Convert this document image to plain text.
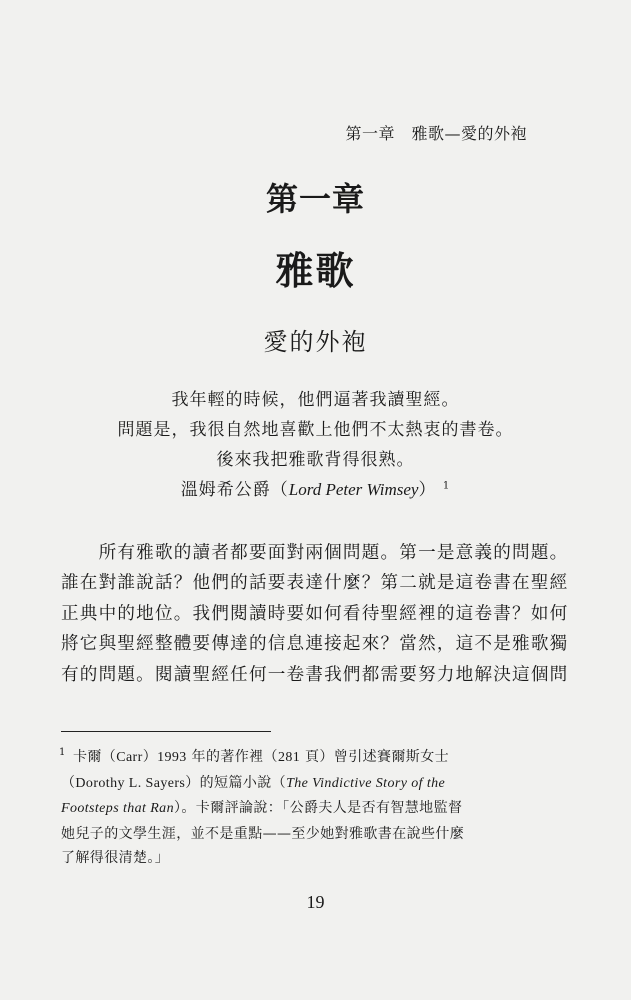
第一章　雅歌—愛的外袍
第一章
雅歌
愛的外袍
我年輕的時候，他們逼著我讀聖經。
問題是，我很自然地喜歡上他們不太熱衷的書卷。
後來我把雅歌背得很熟。
溫姆希公爵（Lord Peter Wimsey） $^1$
　　所有雅歌的讀者都要面對兩個問題。第一是意義的問題。
誰在對誰說話？他們的話要表達什麼？第二就是這卷書在聖經
正典中的地位。我們閱讀時要如何看待聖經裡的這卷書？如何
將它與聖經整體要傳達的信息連接起來？當然，這不是雅歌獨
有的問題。閱讀聖經任何一卷書我們都需要努力地解決這個問
1 卡爾（Carr）1993 年的著作裡（281 頁）曾引述賽爾斯女士
（Dorothy L. Sayers）的短篇小說（The Vindictive Story of the
Footsteps that Ran）。卡爾評論說：「公爵夫人是否有智慧地監督
她兒子的文學生涯，並不是重點——至少她對雅歌書在說些什麼
了解得很清楚。」
19
